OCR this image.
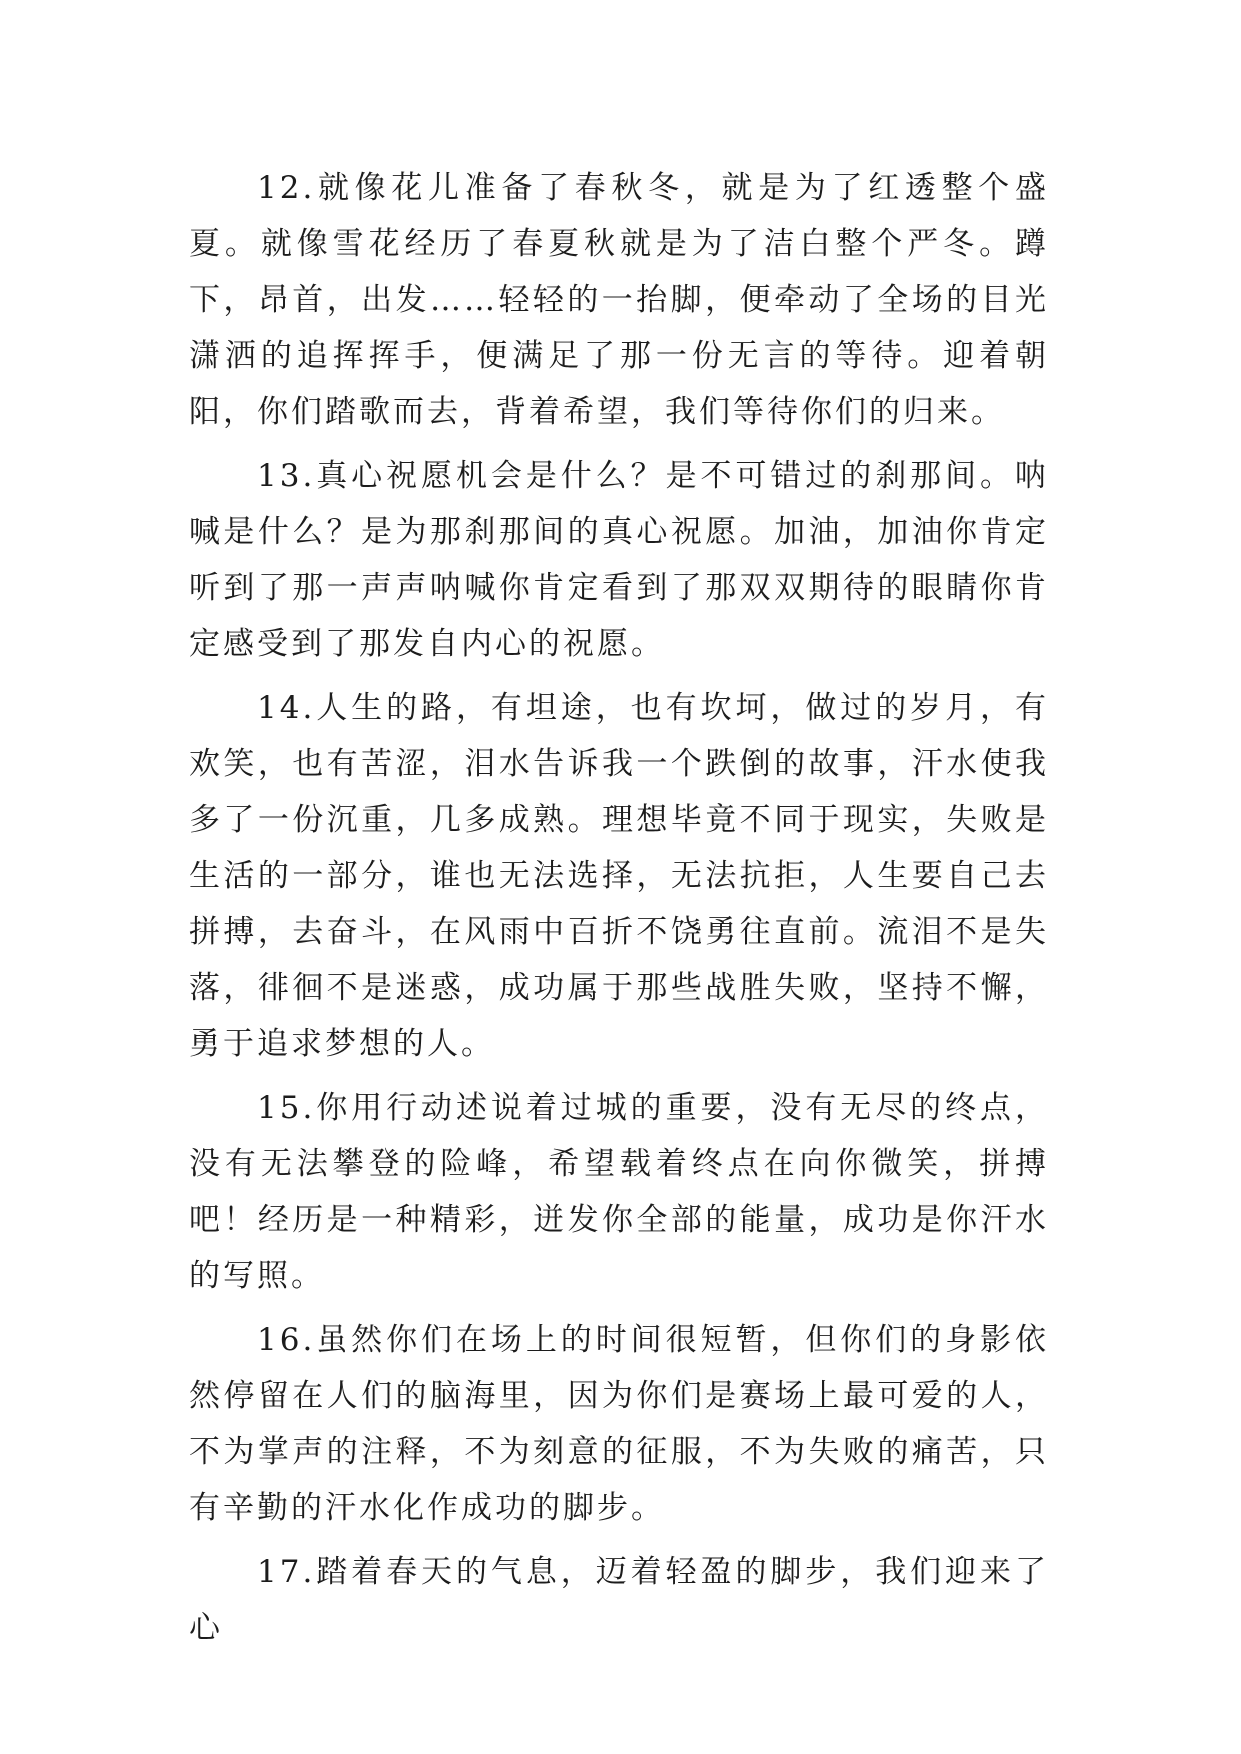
12.就像花儿准备了春秋冬，就是为了红透整个盛夏。就像雪花经历了春夏秋就是为了洁白整个严冬。蹲下，昂首，出发……轻轻的一抬脚，便牵动了全场的目光潇洒的追挥挥手，便满足了那一份无言的等待。迎着朝阳，你们踏歌而去，背着希望，我们等待你们的归来。

13.真心祝愿机会是什么？是不可错过的刹那间。呐喊是什么？是为那刹那间的真心祝愿。加油，加油你肯定听到了那一声声呐喊你肯定看到了那双双期待的眼睛你肯定感受到了那发自内心的祝愿。

14.人生的路，有坦途，也有坎坷，做过的岁月，有欢笑，也有苦涩，泪水告诉我一个跌倒的故事，汗水使我多了一份沉重，几多成熟。理想毕竟不同于现实，失败是生活的一部分，谁也无法选择，无法抗拒，人生要自己去拼搏，去奋斗，在风雨中百折不饶勇往直前。流泪不是失落，徘徊不是迷惑，成功属于那些战胜失败，坚持不懈，勇于追求梦想的人。

15.你用行动述说着过城的重要，没有无尽的终点，没有无法攀登的险峰，希望载着终点在向你微笑，拼搏吧！经历是一种精彩，迸发你全部的能量，成功是你汗水的写照。

16.虽然你们在场上的时间很短暂，但你们的身影依然停留在人们的脑海里，因为你们是赛场上最可爱的人，不为掌声的注释，不为刻意的征服，不为失败的痛苦，只有辛勤的汗水化作成功的脚步。

17.踏着春天的气息，迈着轻盈的脚步，我们迎来了心
